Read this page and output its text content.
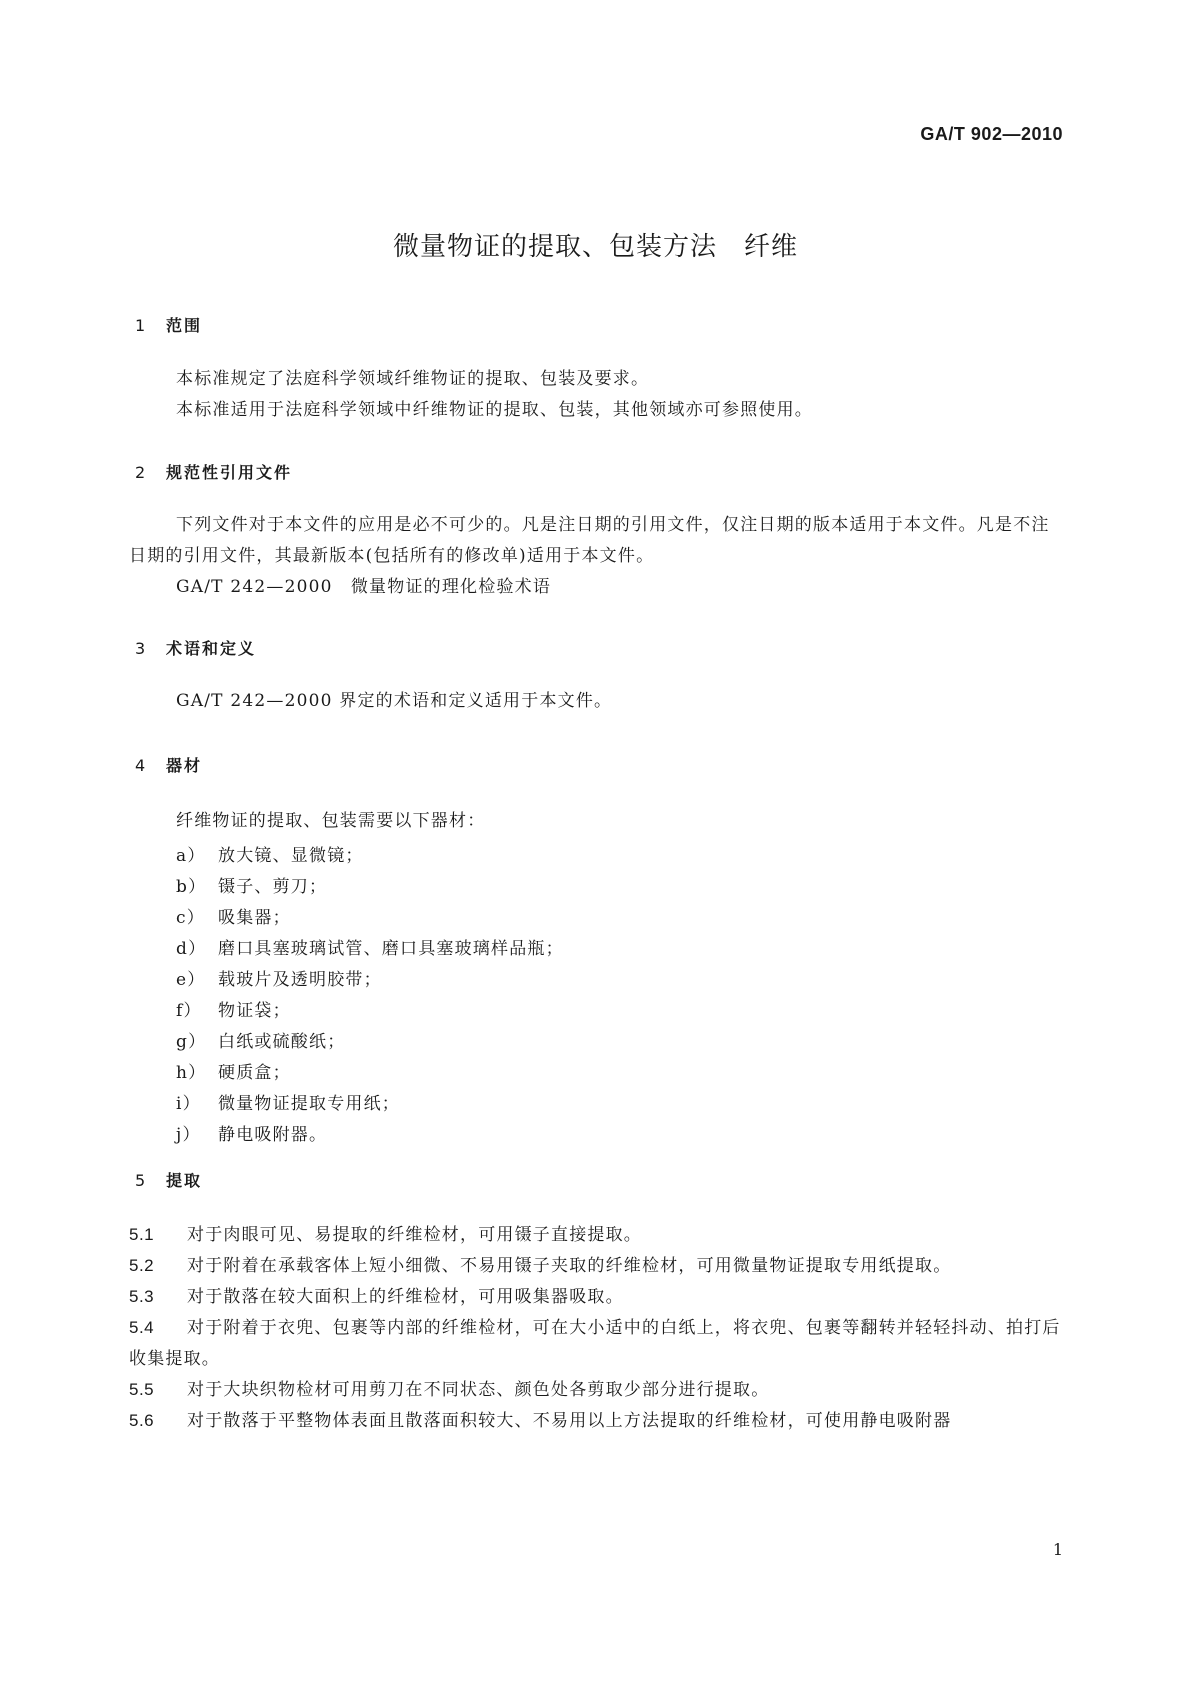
GA/T 902—2010
微量物证的提取、包装方法　纤维
1 范围
本标准规定了法庭科学领域纤维物证的提取、包装及要求。
本标准适用于法庭科学领域中纤维物证的提取、包装，其他领域亦可参照使用。
2 规范性引用文件
下列文件对于本文件的应用是必不可少的。凡是注日期的引用文件，仅注日期的版本适用于本文件。凡是不注日期的引用文件，其最新版本(包括所有的修改单)适用于本文件。
GA/T 242—2000　微量物证的理化检验术语
3 术语和定义
GA/T 242—2000 界定的术语和定义适用于本文件。
4 器材
纤维物证的提取、包装需要以下器材：
a） 放大镜、显微镜；
b） 镊子、剪刀；
c） 吸集器；
d） 磨口具塞玻璃试管、磨口具塞玻璃样品瓶；
e） 载玻片及透明胶带；
f） 物证袋；
g） 白纸或硫酸纸；
h） 硬质盒；
i） 微量物证提取专用纸；
j） 静电吸附器。
5 提取
5.1 对于肉眼可见、易提取的纤维检材，可用镊子直接提取。
5.2 对于附着在承载客体上短小细微、不易用镊子夹取的纤维检材，可用微量物证提取专用纸提取。
5.3 对于散落在较大面积上的纤维检材，可用吸集器吸取。
5.4 对于附着于衣兜、包裹等内部的纤维检材，可在大小适中的白纸上，将衣兜、包裹等翻转并轻轻抖动、拍打后收集提取。
5.5 对于大块织物检材可用剪刀在不同状态、颜色处各剪取少部分进行提取。
5.6 对于散落于平整物体表面且散落面积较大、不易用以上方法提取的纤维检材，可使用静电吸附器
1
